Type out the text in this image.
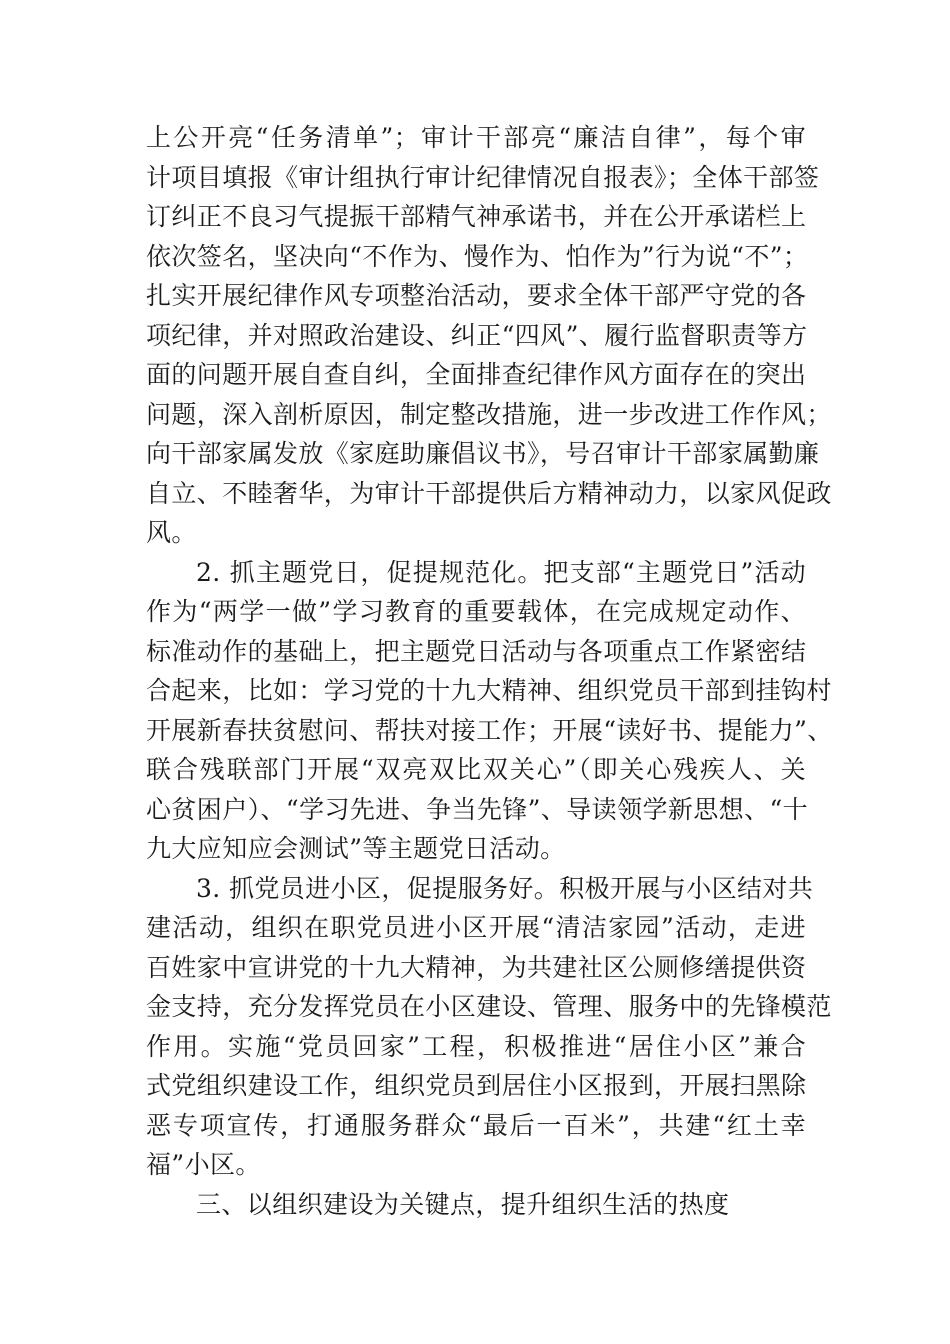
上公开亮“任务清单”；审计干部亮“廉洁自律”，每个审
计项目填报《审计组执行审计纪律情况自报表》；全体干部签
订纠正不良习气提振干部精气神承诺书，并在公开承诺栏上
依次签名，坚决向“不作为、慢作为、怕作为”行为说“不”；
扎实开展纪律作风专项整治活动，要求全体干部严守党的各
项纪律，并对照政治建设、纠正“四风”、履行监督职责等方
面的问题开展自查自纠，全面排查纪律作风方面存在的突出
问题，深入剖析原因，制定整改措施，进一步改进工作作风；
向干部家属发放《家庭助廉倡议书》，号召审计干部家属勤廉
自立、不睦奢华，为审计干部提供后方精神动力，以家风促政
风。
2. 抓主题党日，促提规范化。把支部“主题党日”活动
作为“两学一做”学习教育的重要载体，在完成规定动作、
标准动作的基础上，把主题党日活动与各项重点工作紧密结
合起来，比如：学习党的十九大精神、组织党员干部到挂钩村
开展新春扶贫慰问、帮扶对接工作；开展“读好书、提能力”、
联合残联部门开展“双亮双比双关心”（即关心残疾人、关
心贫困户）、“学习先进、争当先锋”、导读领学新思想、“十
九大应知应会测试”等主题党日活动。
3. 抓党员进小区，促提服务好。积极开展与小区结对共
建活动，组织在职党员进小区开展“清洁家园”活动，走进
百姓家中宣讲党的十九大精神，为共建社区公厕修缮提供资
金支持，充分发挥党员在小区建设、管理、服务中的先锋模范
作用。实施“党员回家”工程，积极推进“居住小区”兼合
式党组织建设工作，组织党员到居住小区报到，开展扫黑除
恶专项宣传，打通服务群众“最后一百米”，共建“红土幸
福”小区。
三、以组织建设为关键点，提升组织生活的热度
